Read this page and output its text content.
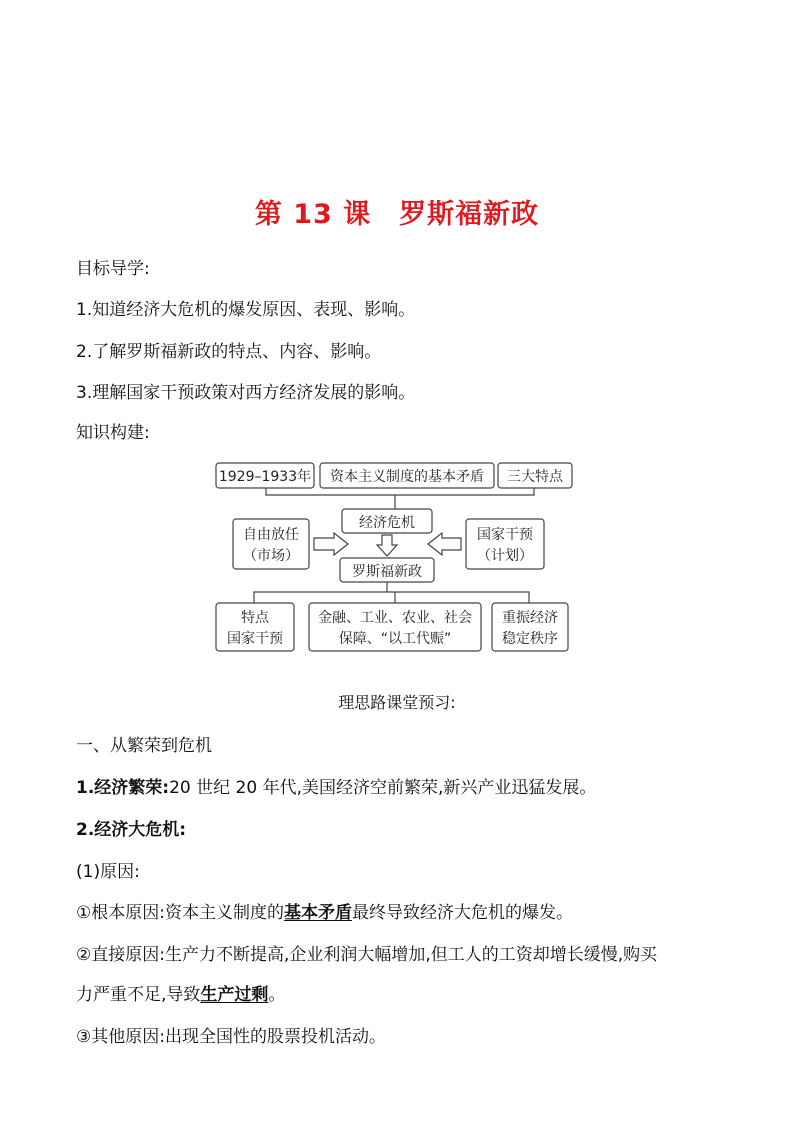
第 13 课　罗斯福新政
目标导学:
1.知道经济大危机的爆发原因、表现、影响。
2.了解罗斯福新政的特点、内容、影响。
3.理解国家干预政策对西方经济发展的影响。
知识构建:
1929–1933年 资本主义制度的基本矛盾 三大特点
经济危机
自由放任
（市场）
国家干预
（计划）
罗斯福新政
特点
国家干预
金融、工业、农业、社会
保障、“以工代赈”
重振经济
稳定秩序
理思路课堂预习:
一、从繁荣到危机
1.经济繁荣:20 世纪 20 年代,美国经济空前繁荣,新兴产业迅猛发展。
2.经济大危机:
(1)原因:
①根本原因:资本主义制度的基本矛盾最终导致经济大危机的爆发。
②直接原因:生产力不断提高,企业利润大幅增加,但工人的工资却增长缓慢,购买
力严重不足,导致生产过剩。
③其他原因:出现全国性的股票投机活动。
